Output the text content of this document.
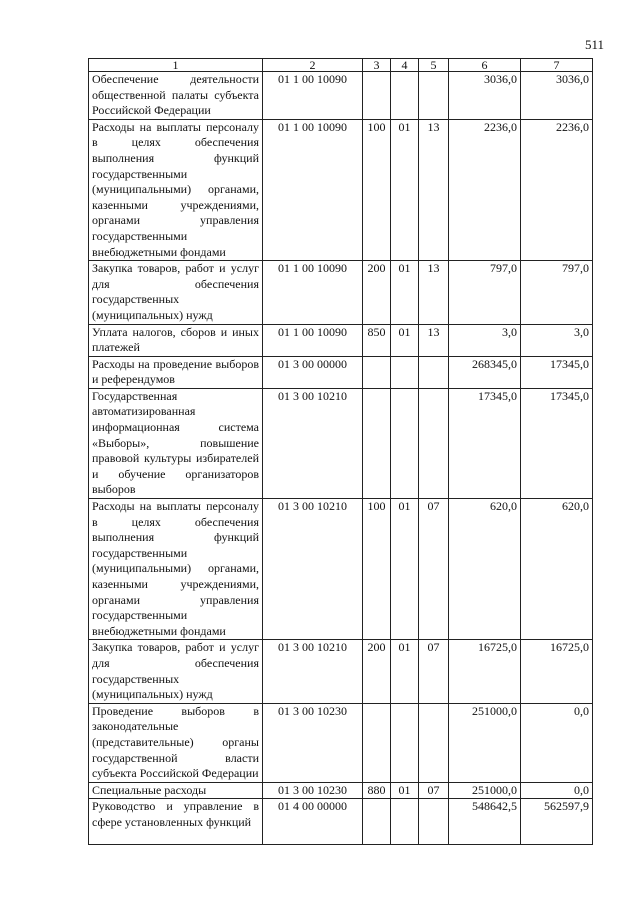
511
1	2	3	4	5	6	7
Обеспечение деятельности общественной палаты субъекта Российской Федерации	01 1 00 10090				3036,0	3036,0
Расходы на выплаты персоналу в целях обеспечения выполнения функций государственными (муниципальными) органами, казенными учреждениями, органами управления государственными внебюджетными фондами	01 1 00 10090	100	01	13	2236,0	2236,0
Закупка товаров, работ и услуг для обеспечения государственных (муниципальных) нужд	01 1 00 10090	200	01	13	797,0	797,0
Уплата налогов, сборов и иных платежей	01 1 00 10090	850	01	13	3,0	3,0
Расходы на проведение выборов и референдумов	01 3 00 00000				268345,0	17345,0
Государственная автоматизированная информационная система «Выборы», повышение правовой культуры избирателей и обучение организаторов выборов	01 3 00 10210				17345,0	17345,0
Расходы на выплаты персоналу в целях обеспечения выполнения функций государственными (муниципальными) органами, казенными учреждениями, органами управления государственными внебюджетными фондами	01 3 00 10210	100	01	07	620,0	620,0
Закупка товаров, работ и услуг для обеспечения государственных (муниципальных) нужд	01 3 00 10210	200	01	07	16725,0	16725,0
Проведение выборов в законодательные (представительные) органы государственной власти субъекта Российской Федерации	01 3 00 10230				251000,0	0,0
Специальные расходы	01 3 00 10230	880	01	07	251000,0	0,0
Руководство и управление в сфере установленных функций	01 4 00 00000				548642,5	562597,9
